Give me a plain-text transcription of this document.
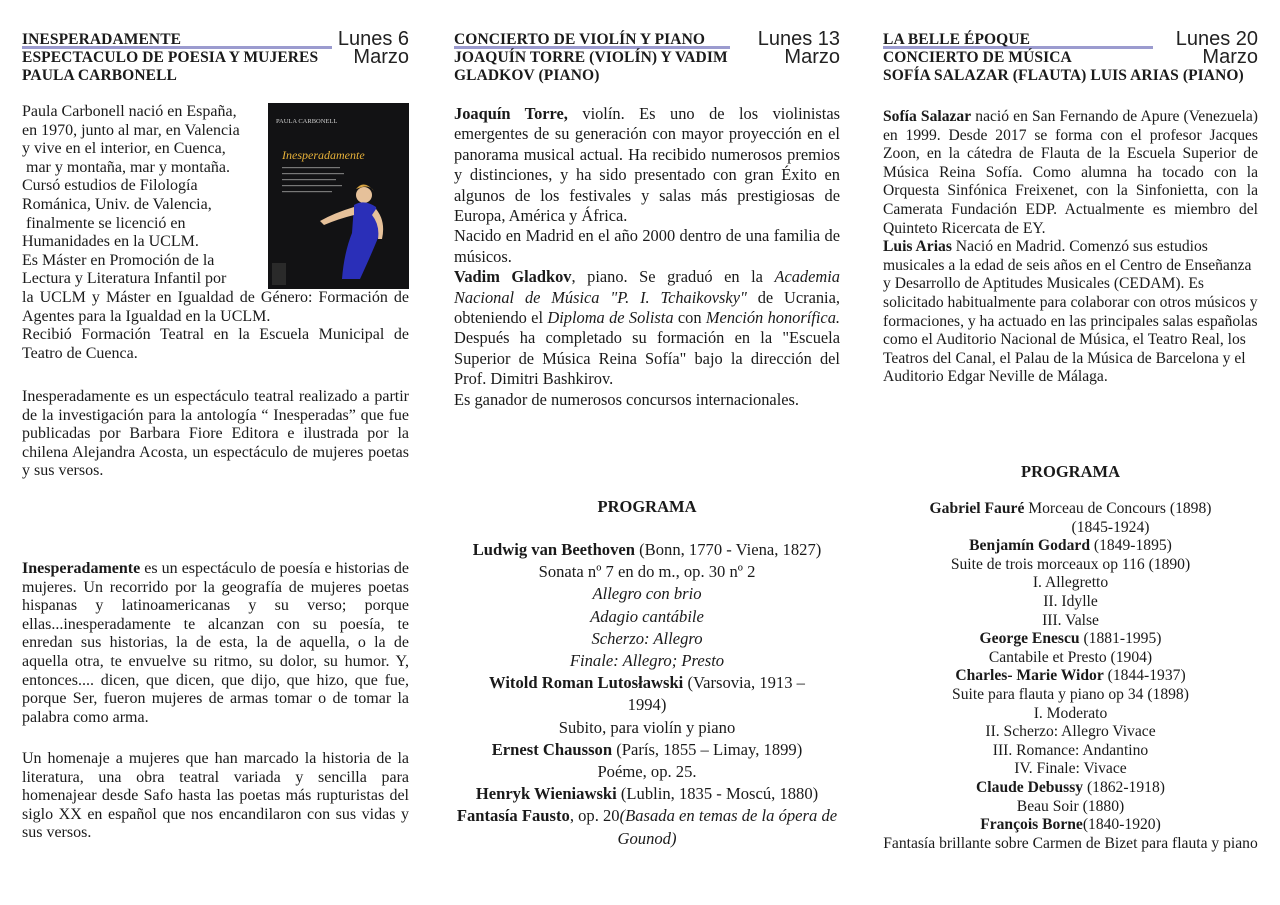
INESPERADAMENTE
ESPECTACULO DE POESIA Y MUJERES
PAULA CARBONELL
Lunes 6
Marzo

Paula Carbonell nació en España,
en 1970, junto al mar, en Valencia
y vive en el interior, en Cuenca,
mar y montaña, mar y montaña.
Cursó estudios de Filología
Románica, Univ. de Valencia,
finalmente se licenció en
Humanidades en la UCLM.
Es Máster en Promoción de la
Lectura y Literatura Infantil por

la UCLM y Máster en Igualdad de Género: Formación de Agentes para la Igualdad en la UCLM.

Recibió Formación Teatral en la Escuela Municipal de Teatro de Cuenca.

PAULA CARBONELL
Inesperadamente

Inesperadamente es un espectáculo teatral realizado a partir de la investigación para la antología “ Inesperadas” que fue publicadas por Barbara Fiore Editora e ilustrada por la chilena Alejandra Acosta, un espectáculo de mujeres poetas y sus versos.

Inesperadamente es un espectáculo de poesía e historias de mujeres. Un recorrido por la geografía de mujeres poetas hispanas y latinoamericanas y su verso; porque ellas...inesperadamente te alcanzan con su poesía, te enredan sus historias, la de esta, la de aquella, o la de aquella otra, te envuelve su ritmo, su dolor, su humor. Y, entonces.... dicen, que dicen, que dijo, que hizo, que fue, porque Ser, fueron mujeres de armas tomar o de tomar la palabra como arma.

Un homenaje a mujeres que han marcado la historia de la literatura, una obra teatral variada y sencilla para homenajear desde Safo hasta las poetas más rupturistas del siglo XX en español que nos encandilaron con sus vidas y sus versos.

CONCIERTO DE VIOLÍN Y PIANO
JOAQUÍN TORRE (VIOLÍN) Y VADIM
GLADKOV (PIANO)
Lunes 13
Marzo

Joaquín Torre, violín. Es uno de los violinistas emergentes de su generación con mayor proyección en el panorama musical actual. Ha recibido numerosos premios y distinciones, y ha sido presentado con gran Éxito en algunos de los festivales y salas más prestigiosas de Europa, América y África.

Nacido en Madrid en el año 2000 dentro de una familia de músicos.

Vadim Gladkov, piano. Se graduó en la Academia Nacional de Música "P. I. Tchaikovsky" de Ucrania, obteniendo el Diploma de Solista con Mención honorífica. Después ha completado su formación en la "Escuela Superior de Música Reina Sofía" bajo la dirección del Prof. Dimitri Bashkirov.

Es ganador de numerosos concursos internacionales.

PROGRAMA
Ludwig van Beethoven (Bonn, 1770 - Viena, 1827)
Sonata nº 7 en do m., op. 30 nº 2
Allegro con brio
Adagio cantábile
Scherzo: Allegro
Finale: Allegro; Presto
Witold Roman Lutosławski (Varsovia, 1913 – 1994)
Subito, para violín y piano
Ernest Chausson (París, 1855 – Limay, 1899)
Poéme, op. 25.
Henryk Wieniawski (Lublin, 1835 - Moscú, 1880)
Fantasía Fausto, op. 20(Basada en temas de la ópera de Gounod)
LA BELLE ÉPOQUE
CONCIERTO DE MÚSICA
SOFÍA SALAZAR (FLAUTA) LUIS ARIAS (PIANO)
Lunes 20
Marzo

Sofía Salazar nació en San Fernando de Apure (Venezuela) en 1999. Desde 2017 se forma con el profesor Jacques Zoon, en la cátedra de Flauta de la Escuela Superior de Música Reina Sofía. Como alumna ha tocado con la Orquesta Sinfónica Freixenet, con la Sinfonietta, con la Camerata Fundación EDP. Actualmente es miembro del Quinteto Ricercata de EY.

Luis Arias Nació en Madrid. Comenzó sus estudios musicales a la edad de seis años en el Centro de Enseñanza y Desarrollo de Aptitudes Musicales (CEDAM). Es solicitado habitualmente para colaborar con otros músicos y formaciones, y ha actuado en las principales salas españolas como el Auditorio Nacional de Música, el Teatro Real, los Teatros del Canal, el Palau de la Música de Barcelona y el Auditorio Edgar Neville de Málaga.

PROGRAMA
Gabriel Fauré Morceau de Concours (1898)
(1845-1924)
Benjamín Godard (1849-1895)
Suite de trois morceaux op 116 (1890)
I. Allegretto
II. Idylle
III. Valse
George Enescu (1881-1995)
Cantabile et Presto (1904)
Charles- Marie Widor (1844-1937)
Suite para flauta y piano op 34 (1898)
I. Moderato
II. Scherzo: Allegro Vivace
III. Romance: Andantino
IV. Finale: Vivace
Claude Debussy (1862-1918)
Beau Soir (1880)
François Borne(1840-1920)
Fantasía brillante sobre Carmen de Bizet para flauta y piano
